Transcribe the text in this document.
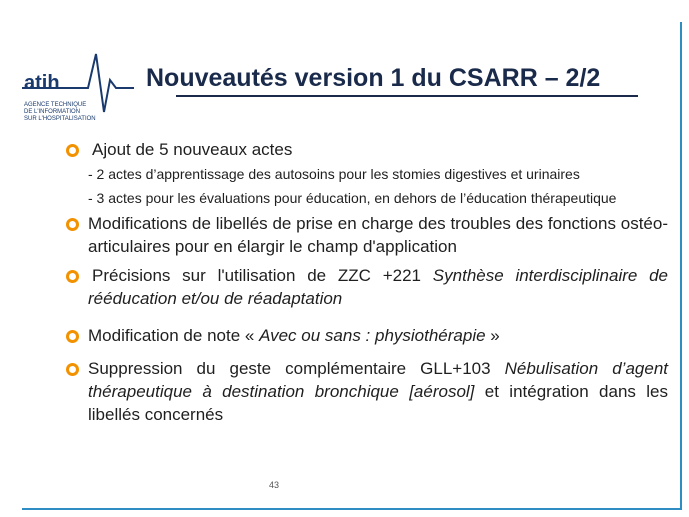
atih
AGENCE TECHNIQUE
DE L'INFORMATION
SUR L'HOSPITALISATION
Nouveautés version 1 du CSARR – 2/2
Ajout de 5 nouveaux actes
- 2 actes d’apprentissage des autosoins pour les stomies digestives et urinaires
- 3 actes pour les évaluations pour éducation, en dehors de l’éducation thérapeutique
Modifications de libellés de prise en charge des troubles des fonctions ostéo-articulaires pour en élargir le champ d'application
Précisions sur l'utilisation de ZZC +221 Synthèse interdisciplinaire de rééducation et/ou de réadaptation
Modification de note « Avec ou sans : physiothérapie »
Suppression du geste complémentaire GLL+103 Nébulisation d’agent thérapeutique à destination bronchique [aérosol] et intégration dans les libellés concernés
43
